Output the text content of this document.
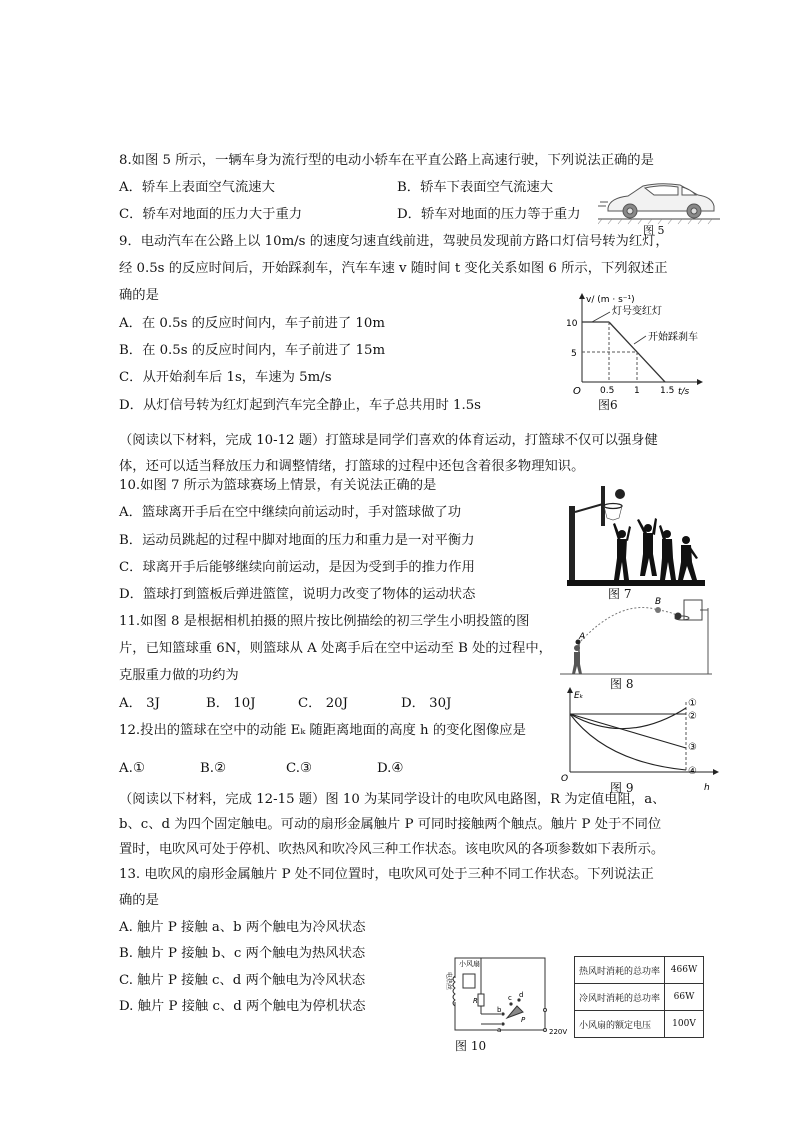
8.如图 5 所示，一辆车身为流行型的电动小轿车在平直公路上高速行驶，下列说法正确的是
A．轿车上表面空气流速大	B．轿车下表面空气流速大
C．轿车对地面的压力大于重力	D．轿车对地面的压力等于重力
图 5
9．电动汽车在公路上以 10m/s 的速度匀速直线前进，驾驶员发现前方路口灯信号转为红灯，
经 0.5s 的反应时间后，开始踩刹车，汽车车速 v 随时间 t 变化关系如图 6 所示，下列叙述正
确的是
A．在 0.5s 的反应时间内，车子前进了 10m
B．在 0.5s 的反应时间内，车子前进了 15m
C．从开始刹车后 1s，车速为 5m/s
D．从灯信号转为红灯起到汽车完全静止，车子总共用时 1.5s
v/ (m · s⁻¹)
t/s
O
10
5
0.5 1 1.5
灯号变红灯
开始踩刹车
图6
（阅读以下材料，完成 10-12 题）打篮球是同学们喜欢的体育运动，打篮球不仅可以强身健
体，还可以适当释放压力和调整情绪，打篮球的过程中还包含着很多物理知识。
10.如图 7 所示为篮球赛场上情景，有关说法正确的是
A．篮球离开手后在空中继续向前运动时，手对篮球做了功
B．运动员跳起的过程中脚对地面的压力和重力是一对平衡力
C．球离开手后能够继续向前运动，是因为受到手的推力作用
D．篮球打到篮板后弹进篮筐，说明力改变了物体的运动状态	图 7
11.如图 8 是根据相机拍摄的照片按比例描绘的初三学生小明投篮的图
片，已知篮球重 6N，则篮球从 A 处离手后在空中运动至 B 处的过程中，
克服重力做的功约为
A． 3J	B． 10J	C． 20J	D． 30J
A
B
图 8
12.投出的篮球在空中的动能 Eₖ 随距离地面的高度 h 的变化图像应是
A.①	B.②	C.③	D.④
Eₖ
h
O
①
②
③
④
图 9
（阅读以下材料，完成 12-15 题）图 10 为某同学设计的电吹风电路图，R 为定值电阻，a、
b、c、d 为四个固定触电。可动的扇形金属触片 P 可同时接触两个触点。触片 P 处于不同位
置时，电吹风可处于停机、吹热风和吹冷风三种工作状态。该电吹风的各项参数如下表所示。
13. 电吹风的扇形金属触片 P 处不同位置时，电吹风可处于三种不同工作状态。下列说法正
确的是
A. 触片 P 接触 a、b 两个触电为冷风状态
B. 触片 P 接触 b、c 两个触电为热风状态
C. 触片 P 接触 c、d 两个触电为冷风状态
D. 触片 P 接触 c、d 两个触电为停机状态
电热丝
小风扇
R
b
a
c d
P
220V
热风时消耗的总功率	466W
冷风时消耗的总功率	66W
小风扇的额定电压	100V
图 10
